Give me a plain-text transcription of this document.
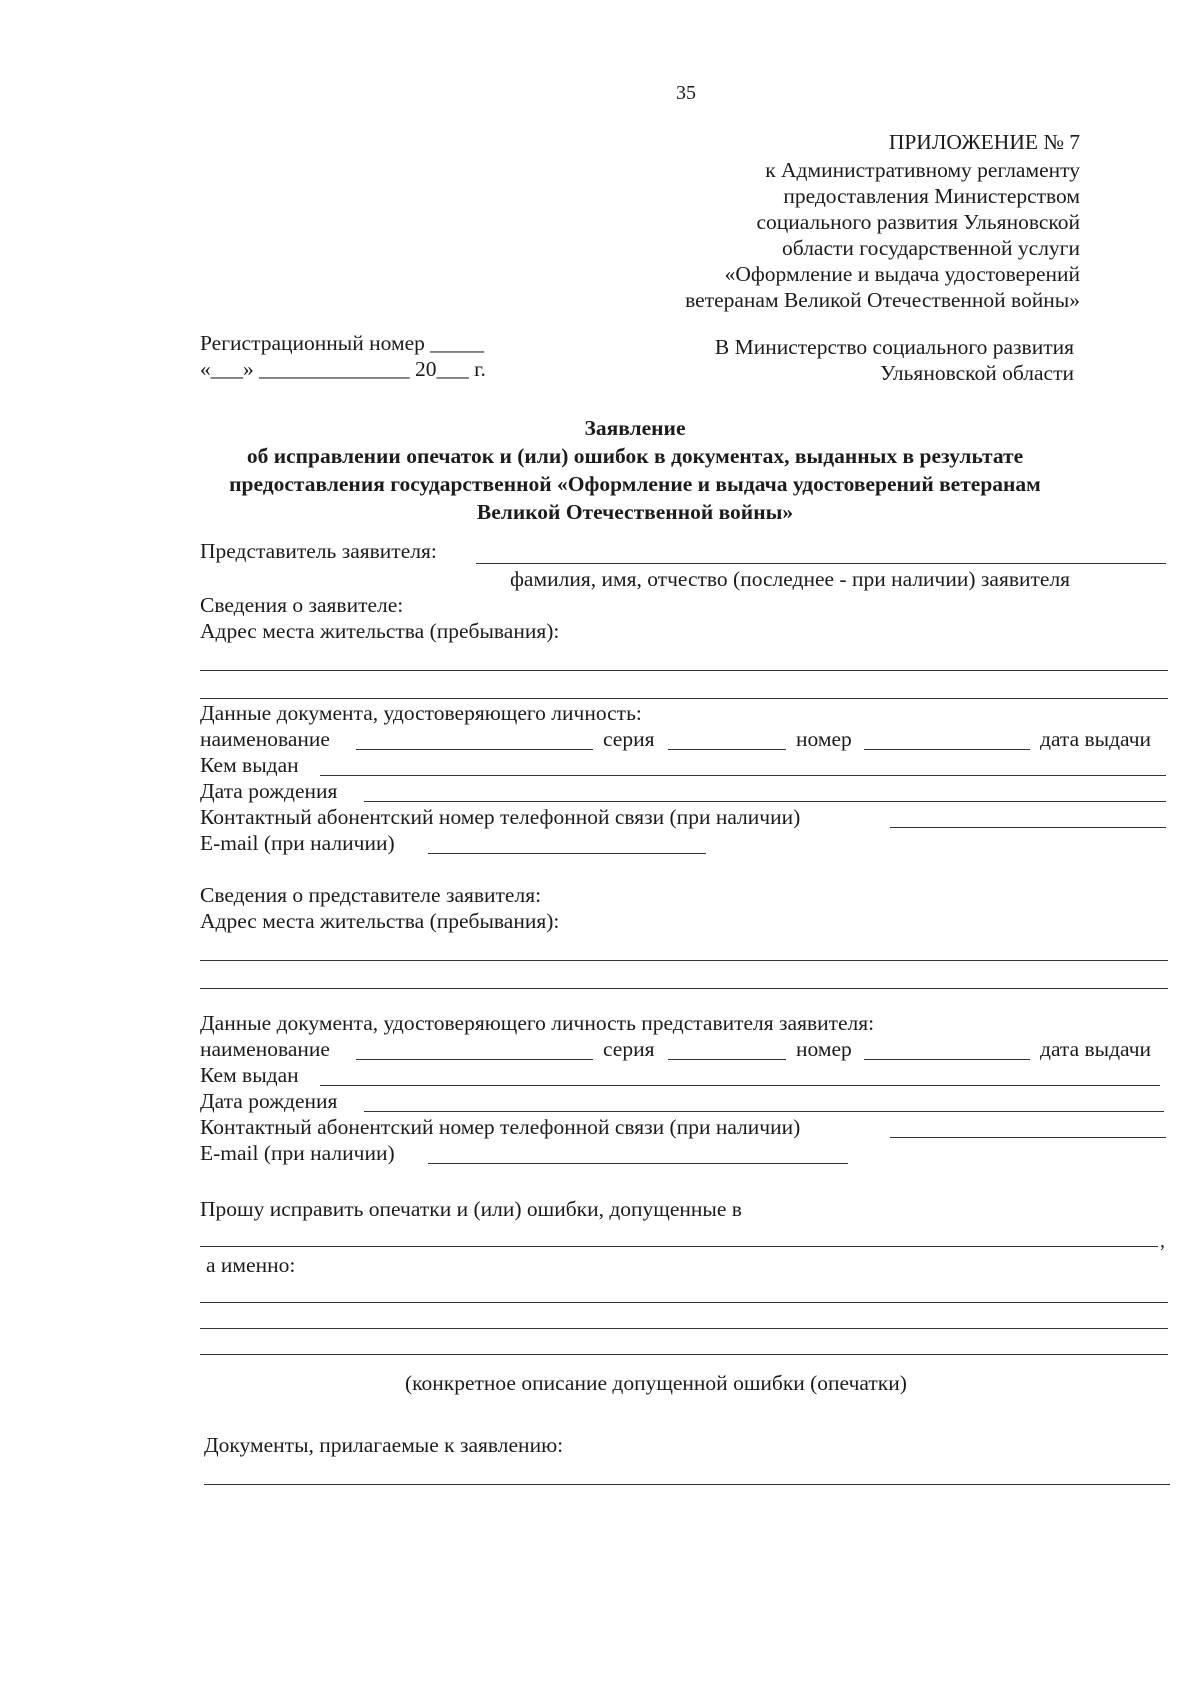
35
ПРИЛОЖЕНИЕ № 7
к Административному регламенту
предоставления Министерством
социального развития Ульяновской
области государственной услуги
«Оформление и выдача удостоверений
ветеранам Великой Отечественной войны»
Регистрационный номер _____
«___» ______________ 20___ г.
В Министерство социального развития
Ульяновской области
Заявление
об исправлении опечаток и (или) ошибок в документах, выданных в результате предоставления государственной «Оформление и выдача удостоверений ветеранам Великой Отечественной войны»
Представитель заявителя:
фамилия, имя, отчество (последнее - при наличии) заявителя
Сведения о заявителе:
Адрес места жительства (пребывания):
Данные документа, удостоверяющего личность:
наименование	серия	номер	дата выдачи
Кем выдан
Дата рождения
Контактный абонентский номер телефонной связи (при наличии)
E-mail (при наличии)
Сведения о представителе заявителя:
Адрес места жительства (пребывания):
Данные документа, удостоверяющего личность представителя заявителя:
наименование	серия	номер	дата выдачи
Кем выдан
Дата рождения
Контактный абонентский номер телефонной связи (при наличии)
E-mail (при наличии)
Прошу исправить опечатки и (или) ошибки, допущенные в
,
а именно:
(конкретное описание допущенной ошибки (опечатки)
Документы, прилагаемые к заявлению:
